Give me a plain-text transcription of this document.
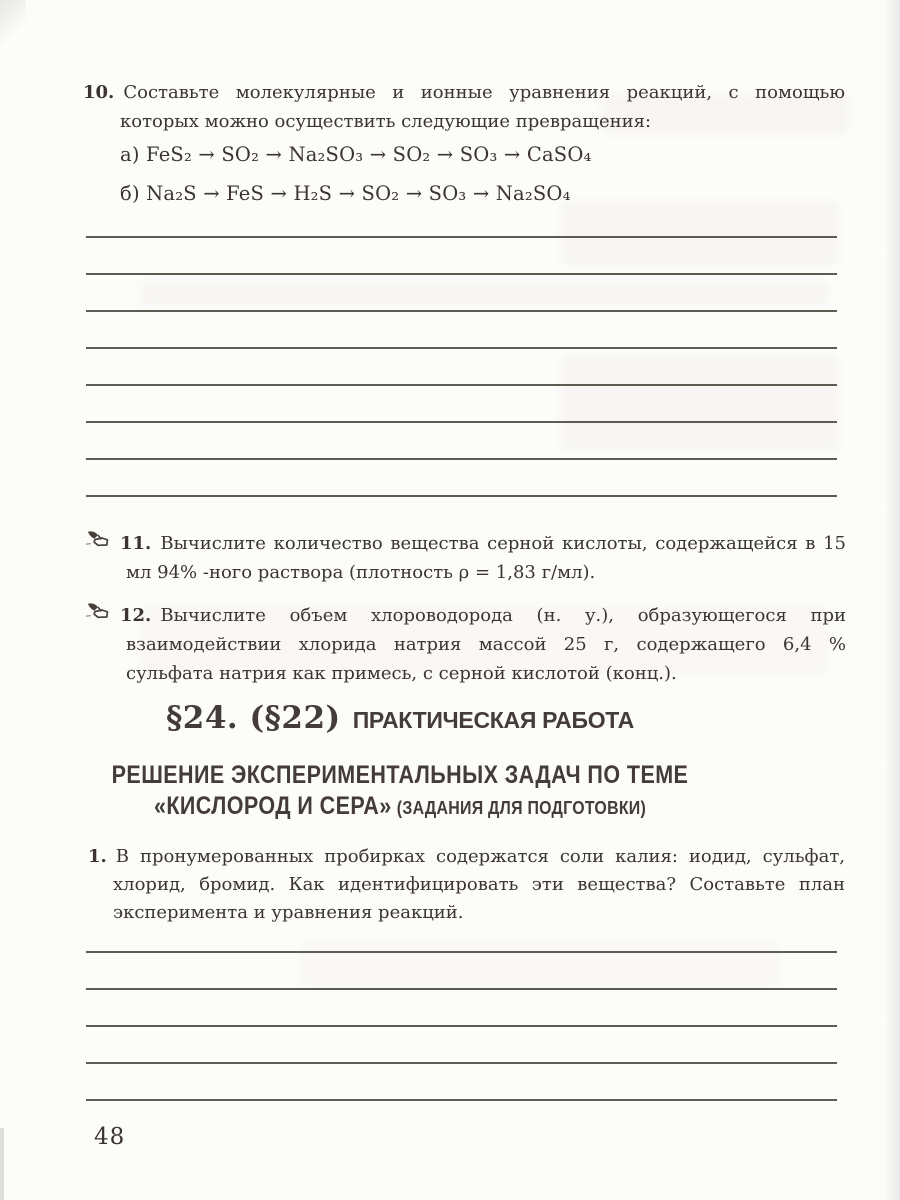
10. Составьте молекулярные и ионные уравнения реакций, с помощью которых можно осуществить следующие превращения:

а) FeS₂ → SO₂ → Na₂SO₃ → SO₂ → SO₃ → CaSO₄
б) Na₂S → FeS → H₂S → SO₂ → SO₃ → Na₂SO₄

11. Вычислите количество вещества серной кислоты, содержащейся в 15 мл 94% -ного раствора (плотность ρ = 1,83 г/мл).

12. Вычислите объем хлороводорода (н. у.), образующегося при взаимодействии хлорида натрия массой 25 г, содержащего 6,4 % сульфата натрия как примесь, с серной кислотой (конц.).

§24. (§22) ПРАКТИЧЕСКАЯ РАБОТА
РЕШЕНИЕ ЭКСПЕРИМЕНТАЛЬНЫХ ЗАДАЧ ПО ТЕМЕ
«КИСЛОРОД И СЕРА» (ЗАДАНИЯ ДЛЯ ПОДГОТОВКИ)

1. В пронумерованных пробирках содержатся соли калия: иодид, сульфат, хлорид, бромид. Как идентифицировать эти вещества? Составьте план эксперимента и уравнения реакций.

48
